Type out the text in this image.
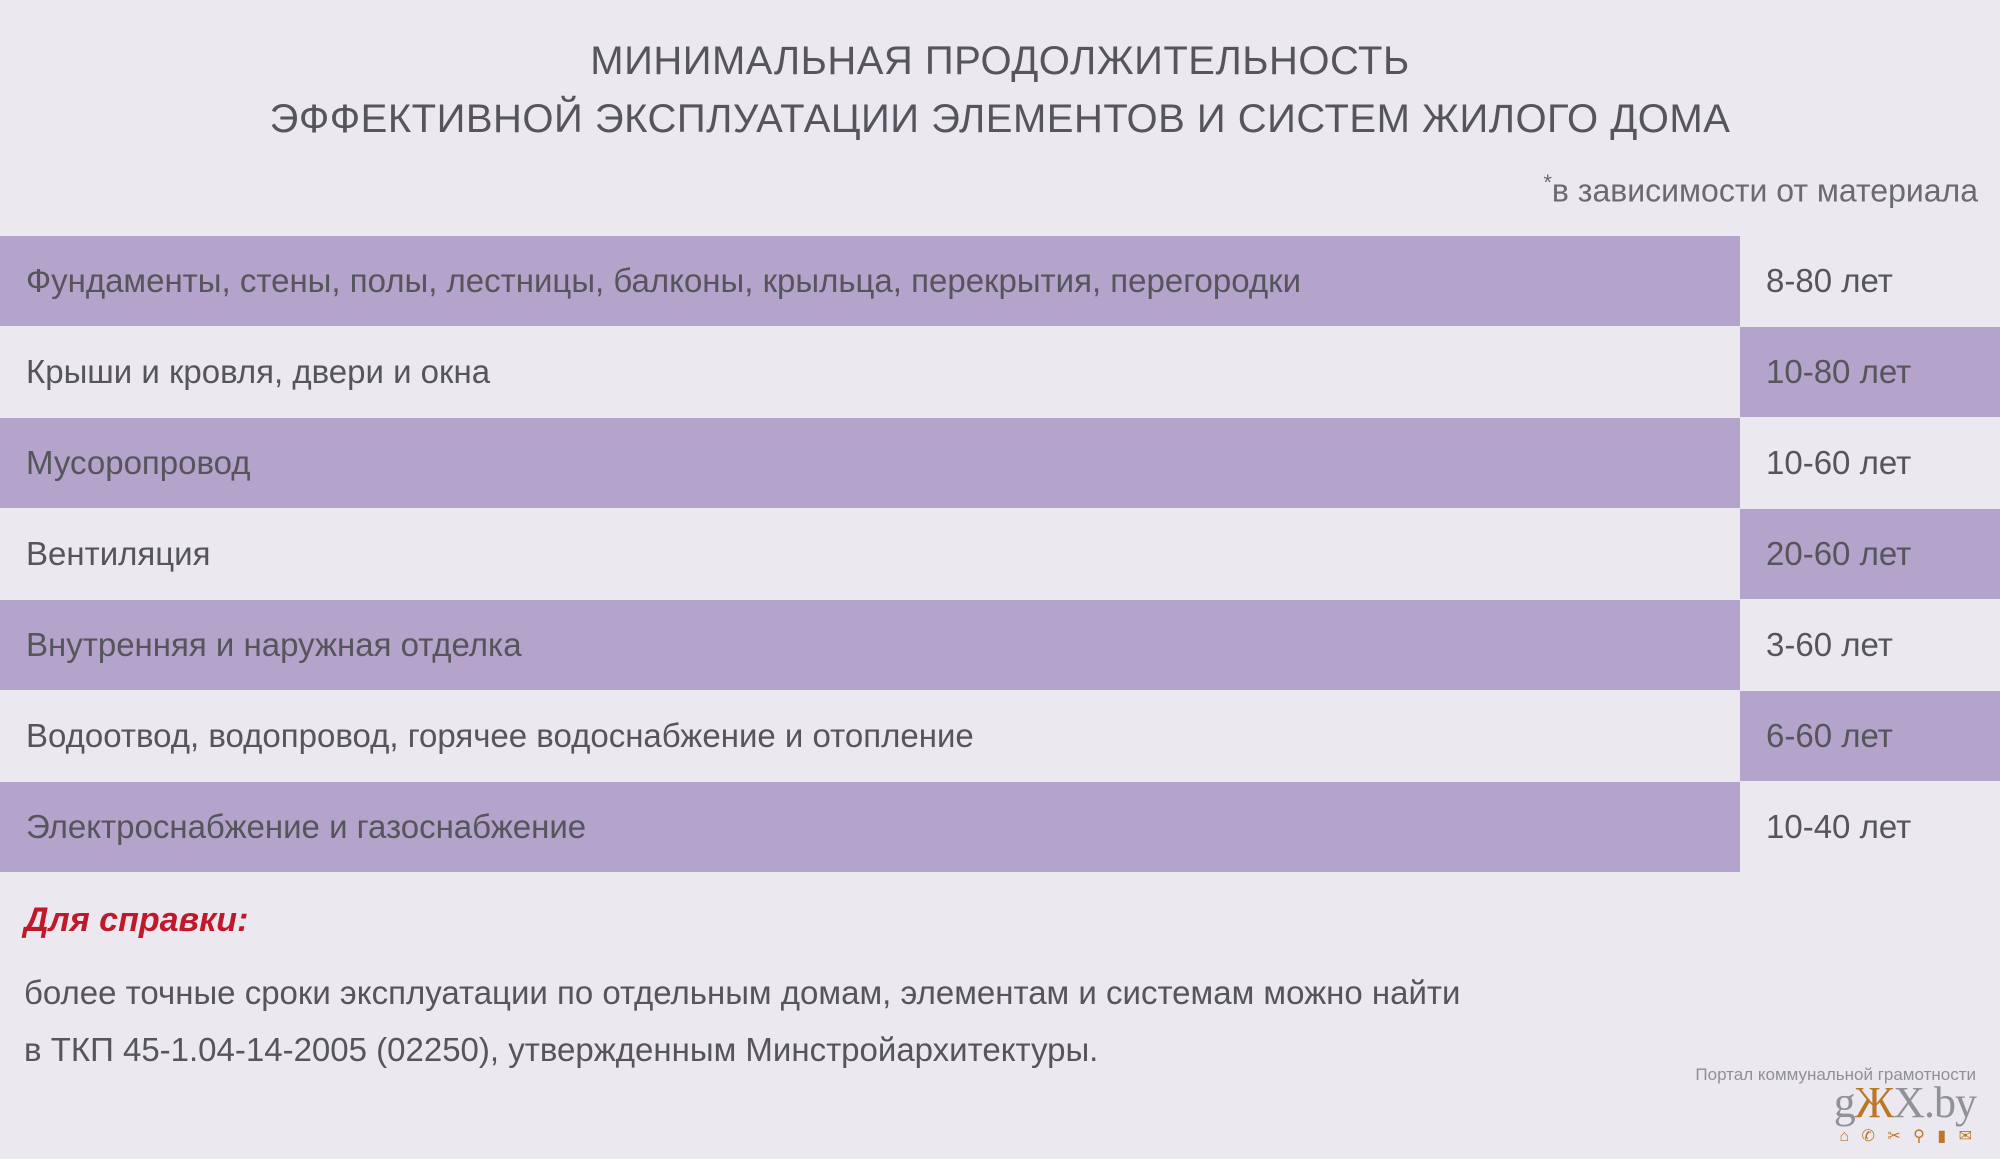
МИНИМАЛЬНАЯ ПРОДОЛЖИТЕЛЬНОСТЬ
ЭФФЕКТИВНОЙ ЭКСПЛУАТАЦИИ ЭЛЕМЕНТОВ И СИСТЕМ ЖИЛОГО ДОМА
*в зависимости от материала
Фундаменты, стены, полы, лестницы, балконы, крыльца, перекрытия, перегородки	8-80 лет
Крыши и кровля, двери и окна	10-80 лет
Мусоропровод	10-60 лет
Вентиляция	20-60 лет
Внутренняя и наружная отделка	3-60 лет
Водоотвод, водопровод, горячее водоснабжение и отопление	6-60 лет
Электроснабжение и газоснабжение	10-40 лет
Для справки:
более точные сроки эксплуатации по отдельным домам, элементам и системам можно найти
в ТКП 45-1.04-14-2005 (02250), утвержденным Минстройархитектуры.
Портал коммунальной грамотности
gЖХ.by
⌂ ✆ ✂ ⚲ ▮ ✉
